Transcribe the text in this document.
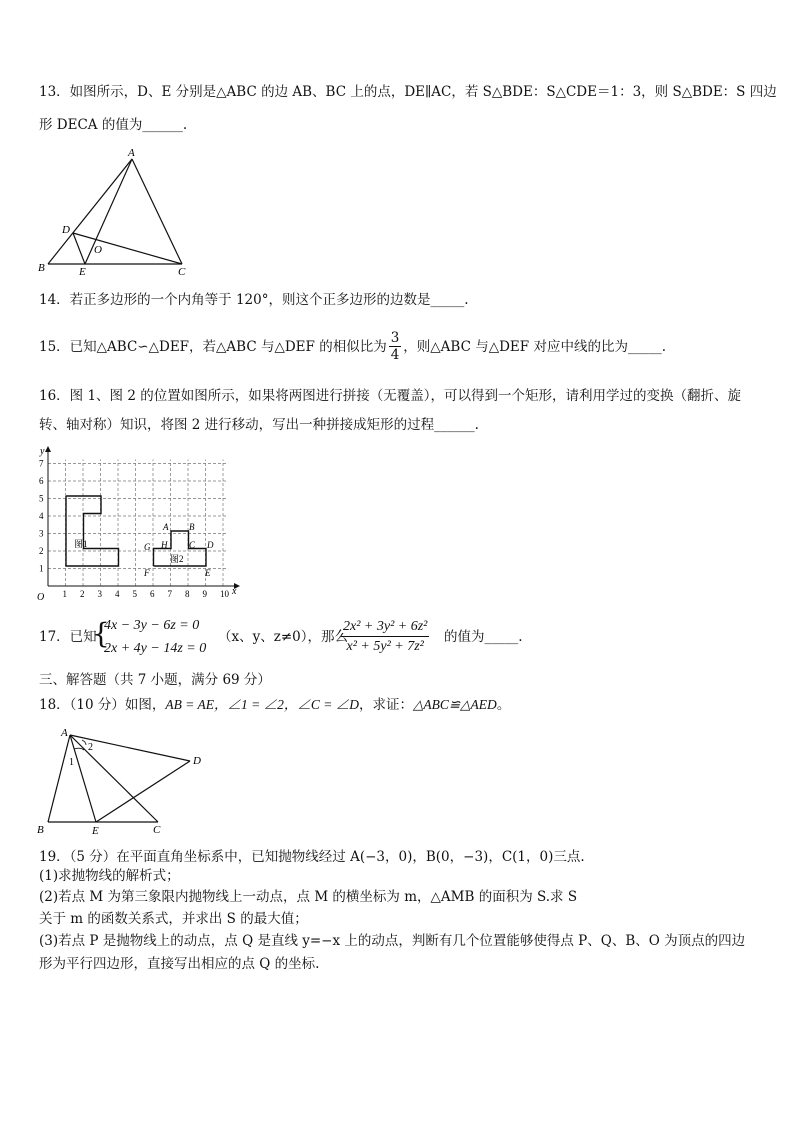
13．如图所示，D、E 分别是△ABC 的边 AB、BC 上的点，DE∥AC，若 S△BDE：S△CDE＝1：3，则 S△BDE：S 四边
形 DECA 的值为______.
A
B	C
D
E
O
14．若正多边形的一个内角等于 120°，则这个正多边形的边数是_____.
15．已知△ABC∽△DEF，若△ABC 与△DEF 的相似比为 $\frac{3}{4}$ ，则△ABC 与△DEF 对应中线的比为_____.
16．图 1、图 2 的位置如图所示，如果将两图进行拼接（无覆盖），可以得到一个矩形，请利用学过的变换（翻折、旋
转、轴对称）知识，将图 2 进行移动，写出一种拼接成矩形的过程______.
O
x
y
1 2 3 4 5 6 7 8 9 10
1
2
3
4
5
6
7
图1
图2
A B
C D
E
F
G H
17．已知
{
4x − 3y − 6z = 0
2x + 4y − 14z = 0
（x、y、z≠0），那么
$\frac{\text{2x² + 3y² + 6z²}}{\text{x² + 5y² + 7z²}}$ 的值为_____.
三、解答题（共 7 小题，满分 69 分）
18．（10 分）如图，AB = AE，∠1 = ∠2，∠C = ∠D，求证：△ABC≌△AED。
A
B	C
D
E
1
2
19．（5 分）在平面直角坐标系中，已知抛物线经过 A(−3，0)，B(0，−3)，C(1，0)三点.
(1)求抛物线的解析式；
(2)若点 M 为第三象限内抛物线上一动点，点 M 的横坐标为 m，△AMB 的面积为 S.求 S
关于 m 的函数关系式，并求出 S 的最大值；
(3)若点 P 是抛物线上的动点，点 Q 是直线 y=−x 上的动点，判断有几个位置能够使得点 P、Q、B、O 为顶点的四边
形为平行四边形，直接写出相应的点 Q 的坐标.
